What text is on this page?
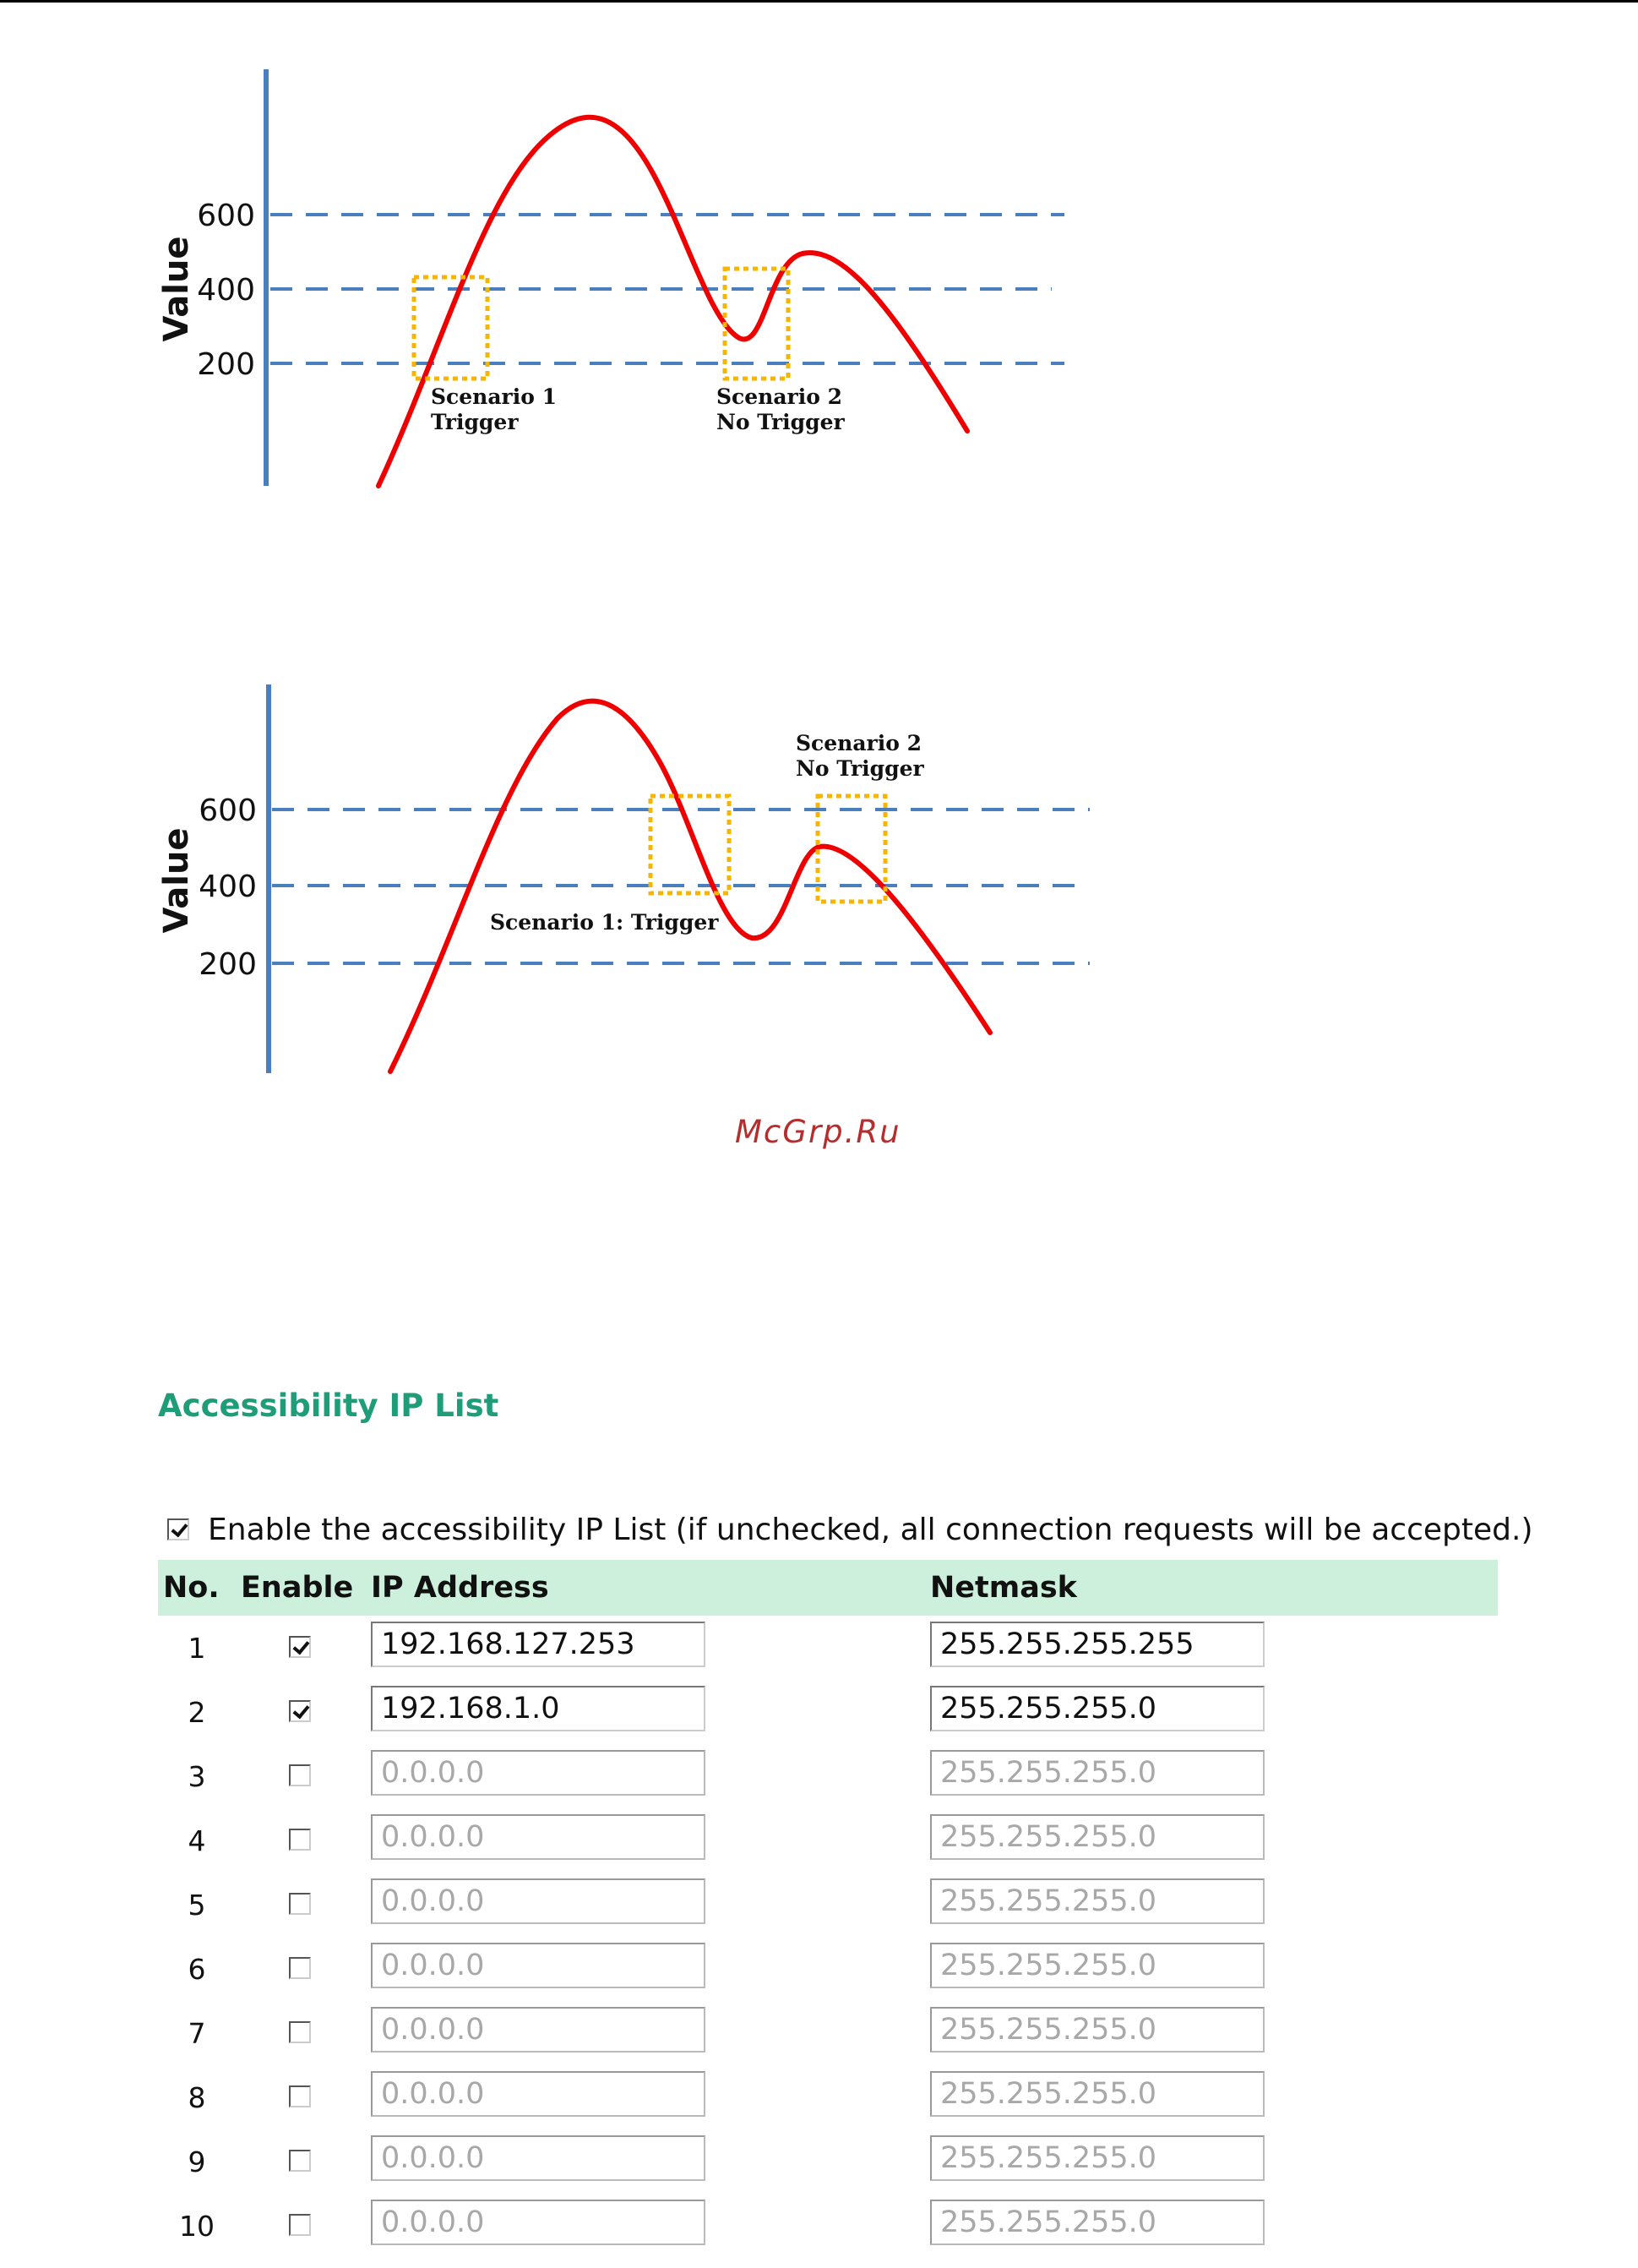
Value
600
400
200
Scenario 1
Trigger
Scenario 2
No Trigger
Value
600
400
200
Scenario 1: Trigger
Scenario 2
No Trigger
McGrp.Ru
Accessibility IP List
Enable the accessibility IP List (if unchecked, all connection requests will be accepted.)
No.	Enable	IP Address	Netmask
1		192.168.127.253	255.255.255.255
2		192.168.1.0	255.255.255.0
3		0.0.0.0	255.255.255.0
4		0.0.0.0	255.255.255.0
5		0.0.0.0	255.255.255.0
6		0.0.0.0	255.255.255.0
7		0.0.0.0	255.255.255.0
8		0.0.0.0	255.255.255.0
9		0.0.0.0	255.255.255.0
10		0.0.0.0	255.255.255.0
